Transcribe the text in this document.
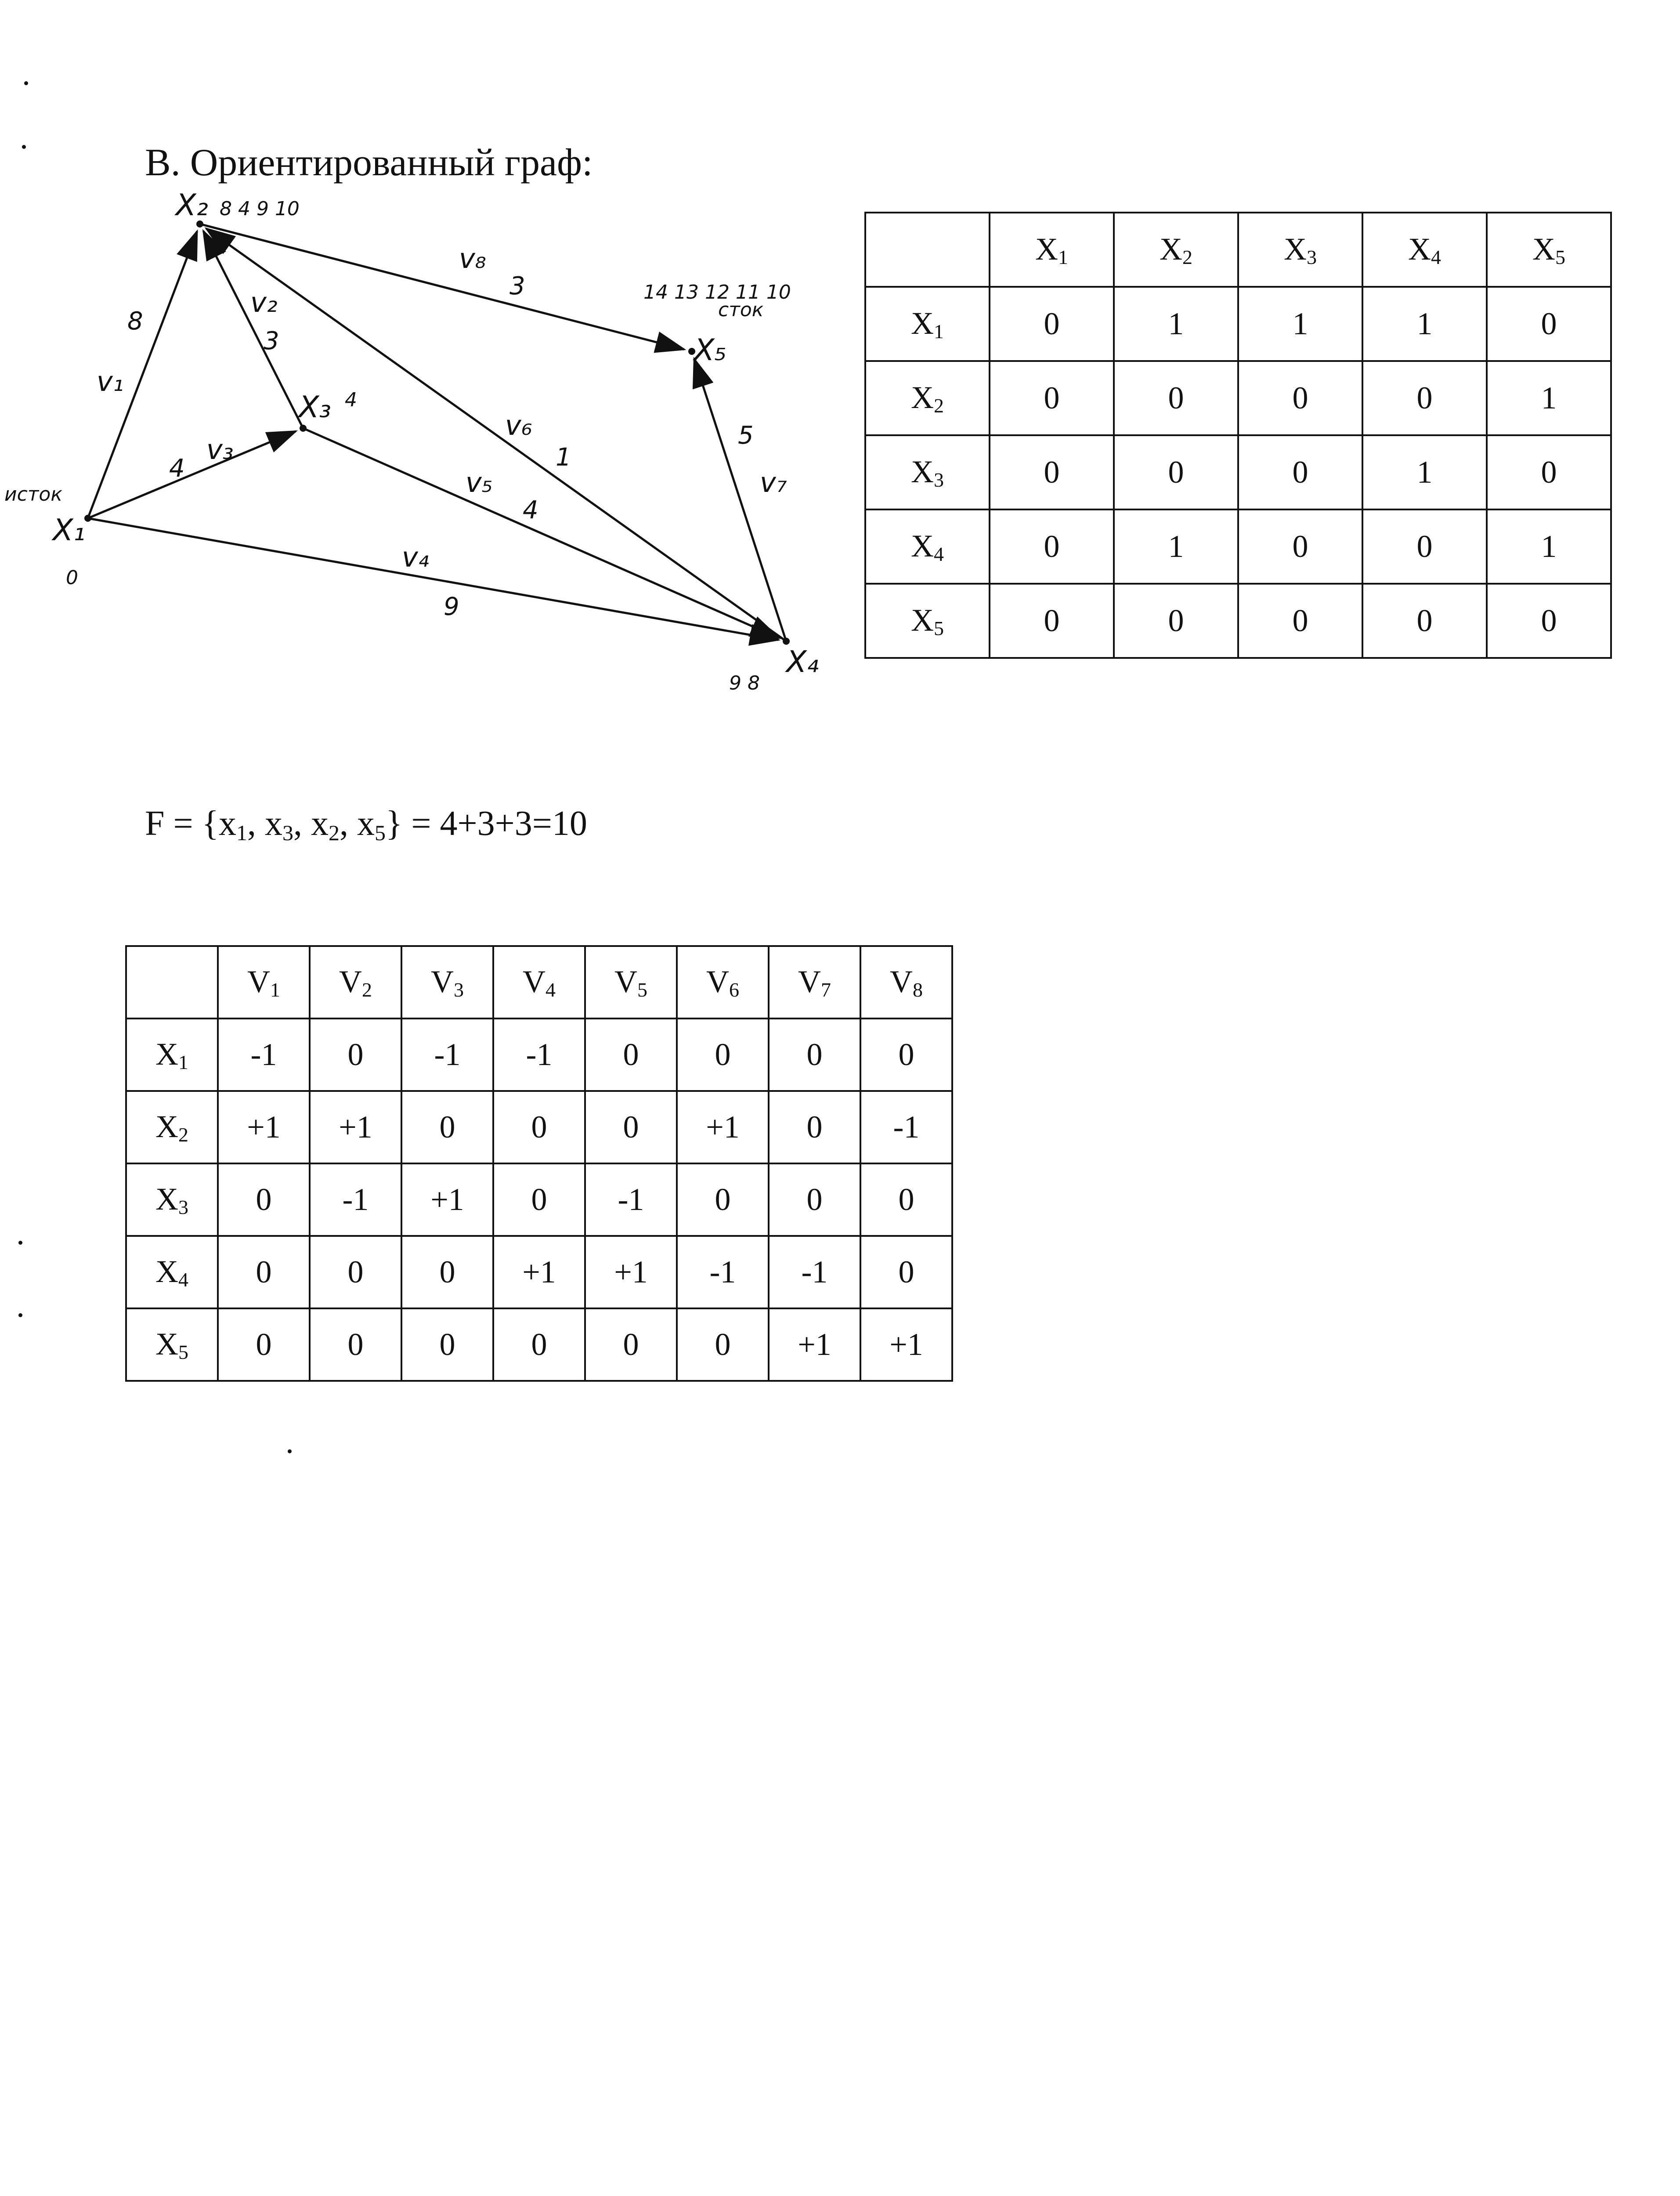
В. Ориентированный граф:
v₁
8
v₂
3
v₃
4
v₄
9
v₅
4
v₆
1
v₇
5
v₈
3
X₁
исток
0
X₂ 8 4 9 10
X₃ 4
X₄
9 8
X₅
сток
14 13 12 11 10
	$X_1$	$X_2$	$X_3$	$X_4$	$X_5$
$X_1$	0	1	1	1	0
$X_2$	0	0	0	0	1
$X_3$	0	0	0	1	0
$X_4$	0	1	0	0	1
$X_5$	0	0	0	0	0
$F = \{x_1$, $x_3$, $x_2$, $x_5\} = 4+3+3=10$
	$V_1$	$V_2$	$V_3$	$V_4$	$V_5$	$V_6$	$V_7$	$V_8$
$X_1$	-1	0	-1	-1	0	0	0	0
$X_2$	+1	+1	0	0	0	+1	0	-1
$X_3$	0	-1	+1	0	-1	0	0	0
$X_4$	0	0	0	+1	+1	-1	-1	0
$X_5$	0	0	0	0	0	0	+1	+1
